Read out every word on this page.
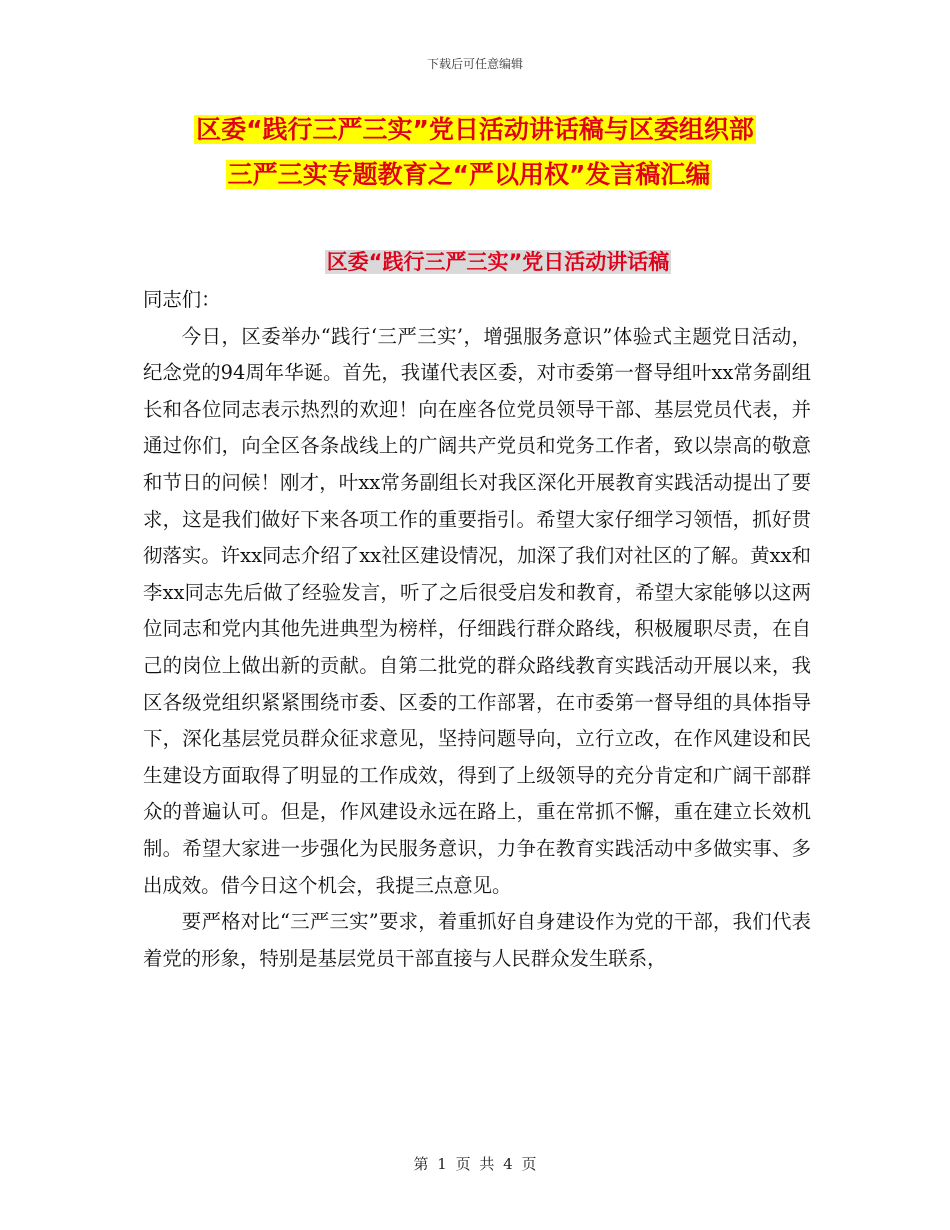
下载后可任意编辑
区委“践行三严三实”党日活动讲话稿与区委组织部
三严三实专题教育之“严以用权”发言稿汇编
区委“践行三严三实”党日活动讲话稿

同志们：

今日，区委举办“践行‘三严三实’，增强服务意识”体验式主题党日活动，纪念党的94周年华诞。首先，我谨代表区委，对市委第一督导组叶xx常务副组长和各位同志表示热烈的欢迎！向在座各位党员领导干部、基层党员代表，并通过你们，向全区各条战线上的广阔共产党员和党务工作者，致以崇高的敬意和节日的问候！刚才，叶xx常务副组长对我区深化开展教育实践活动提出了要求，这是我们做好下来各项工作的重要指引。希望大家仔细学习领悟，抓好贯彻落实。许xx同志介绍了xx社区建设情况，加深了我们对社区的了解。黄xx和李xx同志先后做了经验发言，听了之后很受启发和教育，希望大家能够以这两位同志和党内其他先进典型为榜样，仔细践行群众路线，积极履职尽责，在自己的岗位上做出新的贡献。自第二批党的群众路线教育实践活动开展以来，我区各级党组织紧紧围绕市委、区委的工作部署，在市委第一督导组的具体指导下，深化基层党员群众征求意见，坚持问题导向，立行立改，在作风建设和民生建设方面取得了明显的工作成效，得到了上级领导的充分肯定和广阔干部群众的普遍认可。但是，作风建设永远在路上，重在常抓不懈，重在建立长效机制。希望大家进一步强化为民服务意识，力争在教育实践活动中多做实事、多出成效。借今日这个机会，我提三点意见。

要严格对比“三严三实”要求，着重抓好自身建设作为党的干部，我们代表着党的形象，特别是基层党员干部直接与人民群众发生联系，

第 1 页 共 4 页
